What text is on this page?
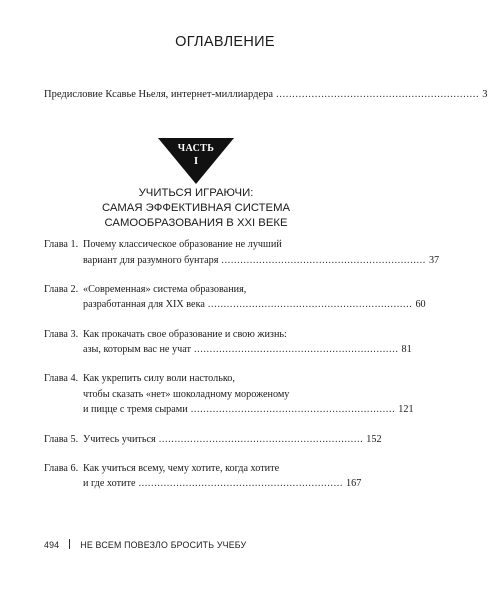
ОГЛАВЛЕНИЕ
Предисловие Ксавье Ньеля, интернет-миллиардера ............................................................... 3
ЧАСТЬ
I
УЧИТЬСЯ ИГРАЮЧИ:
САМАЯ ЭФФЕКТИВНАЯ СИСТЕМА
САМООБРАЗОВАНИЯ В XXI ВЕКЕ
Глава 1. Почему классическое образование не лучший
вариант для разумного бунтаря ................................................................. 37
Глава 2. «Современная» система образования,
разработанная для XIX века ................................................................. 60
Глава 3. Как прокачать свое образование и свою жизнь:
азы, которым вас не учат ................................................................. 81
Глава 4. Как укрепить силу воли настолько,
чтобы сказать «нет» шоколадному мороженому
и пицце с тремя сырами ................................................................. 121
Глава 5. Учитесь учиться ................................................................. 152
Глава 6. Как учиться всему, чему хотите, когда хотите
и где хотите ................................................................. 167
494 НЕ ВСЕМ ПОВЕЗЛО БРОСИТЬ УЧЕБУ
